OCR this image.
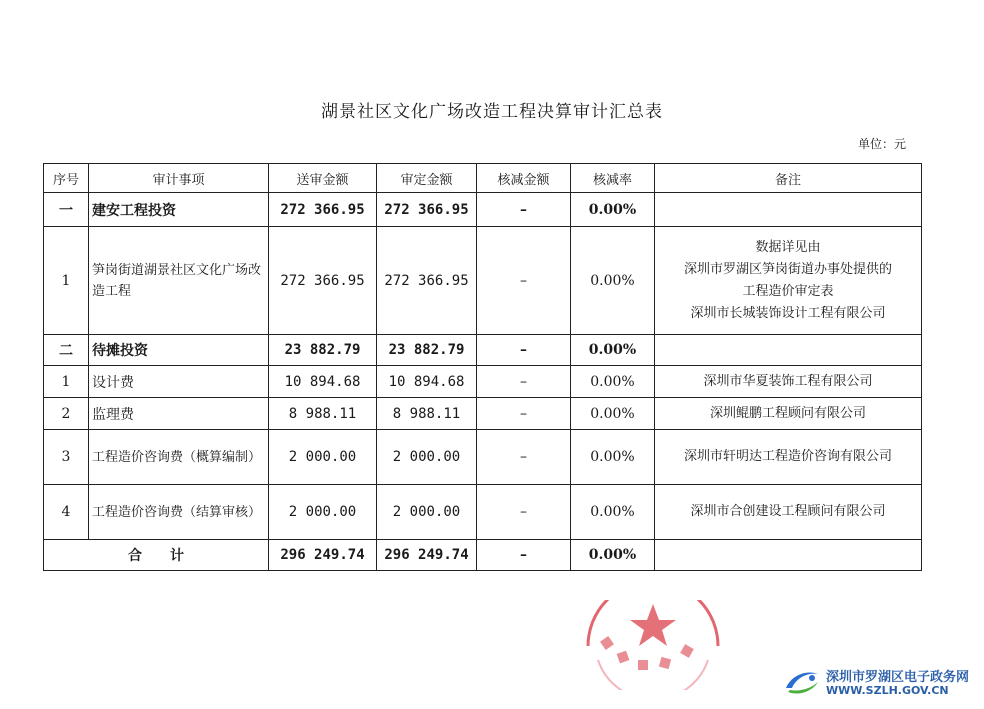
湖景社区文化广场改造工程决算审计汇总表
单位：元
序号	审计事项	送审金额	审定金额	核减金额	核减率	备注
一	建安工程投资	272 366.95	272 366.95	–	0.00%	
1	笋岗街道湖景社区文化广场改造工程	272 366.95	272 366.95	–	0.00%	数据详见由
深圳市罗湖区笋岗街道办事处提供的
工程造价审定表
深圳市长城装饰设计工程有限公司

二	待摊投资	23 882.79	23 882.79	–	0.00%	
1	设计费	10 894.68	10 894.68	–	0.00%	深圳市华夏装饰工程有限公司
2	监理费	8 988.11	8 988.11	–	0.00%	深圳鲲鹏工程顾问有限公司
3	工程造价咨询费（概算编制）	2 000.00	2 000.00	–	0.00%	深圳市轩明达工程造价咨询有限公司
4	工程造价咨询费（结算审核）	2 000.00	2 000.00	–	0.00%	深圳市合创建设工程顾问有限公司
合　　计		296 249.74	296 249.74	–	0.00%	
深圳市罗湖区电子政务网
WWW.SZLH.GOV.CN
